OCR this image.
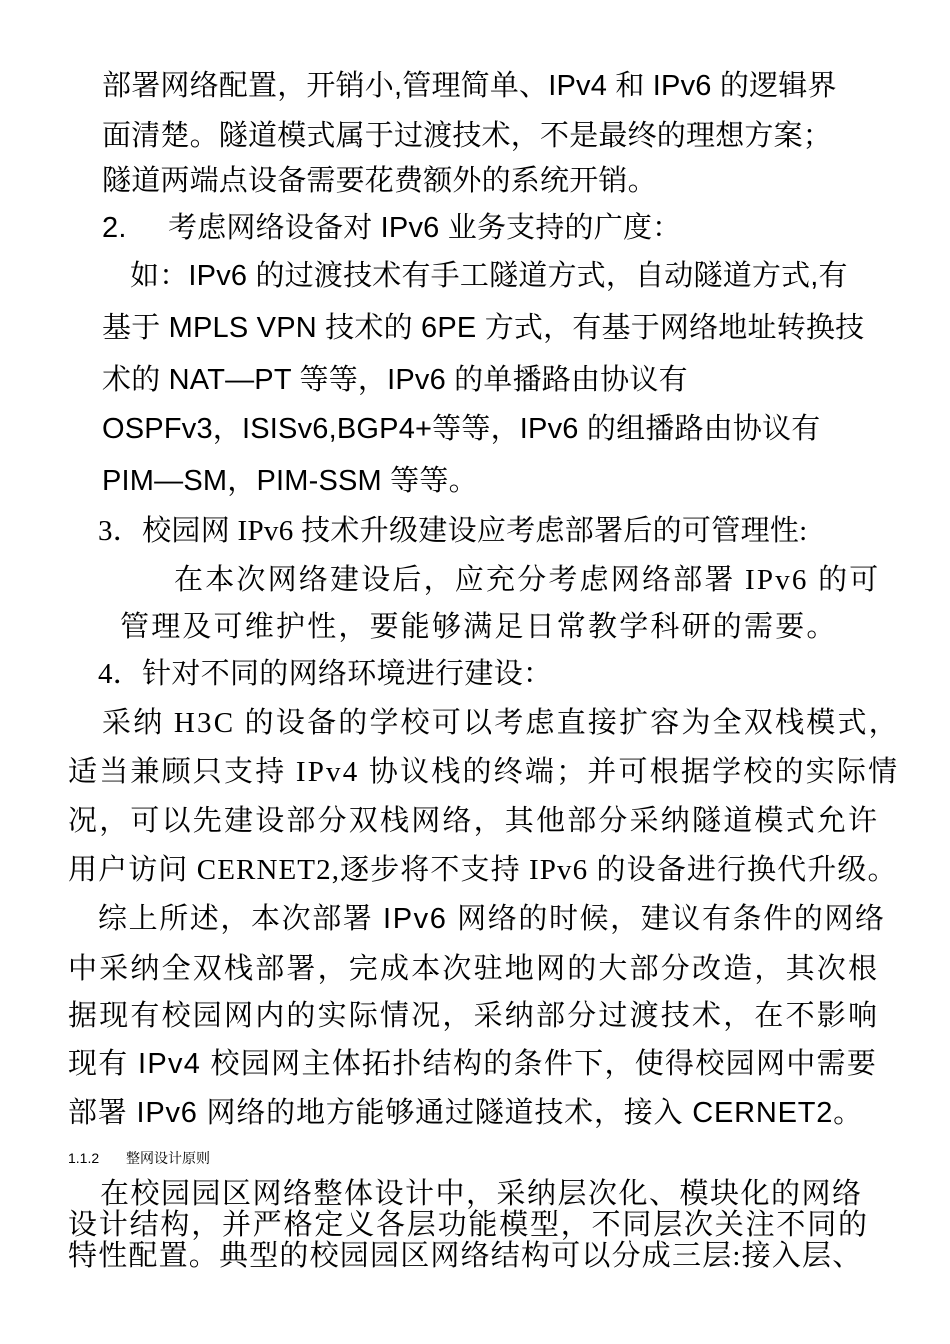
部署网络配置，开销小,管理简单、IPv4 和 IPv6 的逻辑界
面清楚。隧道模式属于过渡技术，不是最终的理想方案；
隧道两端点设备需要花费额外的系统开销。
2. 考虑网络设备对 IPv6 业务支持的广度：
如：IPv6 的过渡技术有手工隧道方式，自动隧道方式,有
基于 MPLS VPN 技术的 6PE 方式，有基于网络地址转换技
术的 NAT—PT 等等，IPv6 的单播路由协议有
OSPFv3，ISISv6,BGP4+等等，IPv6 的组播路由协议有
PIM—SM，PIM-SSM 等等。
3．校园网 IPv6 技术升级建设应考虑部署后的可管理性:
在本次网络建设后，应充分考虑网络部署 IPv6 的可
管理及可维护性，要能够满足日常教学科研的需要。
4．针对不同的网络环境进行建设：
采纳 H3C 的设备的学校可以考虑直接扩容为全双栈模式，
适当兼顾只支持 IPv4 协议栈的终端；并可根据学校的实际情
况，可以先建设部分双栈网络，其他部分采纳隧道模式允许
用户访问 CERNET2,逐步将不支持 IPv6 的设备进行换代升级。
综上所述，本次部署 IPv6 网络的时候，建议有条件的网络
中采纳全双栈部署，完成本次驻地网的大部分改造，其次根
据现有校园网内的实际情况，采纳部分过渡技术，在不影响
现有 IPv4 校园网主体拓扑结构的条件下，使得校园网中需要
部署 IPv6 网络的地方能够通过隧道技术，接入 CERNET2。
1.1.2 整网设计原则
在校园园区网络整体设计中，采纳层次化、模块化的网络
设计结构，并严格定义各层功能模型，不同层次关注不同的
特性配置。典型的校园园区网络结构可以分成三层:接入层、
